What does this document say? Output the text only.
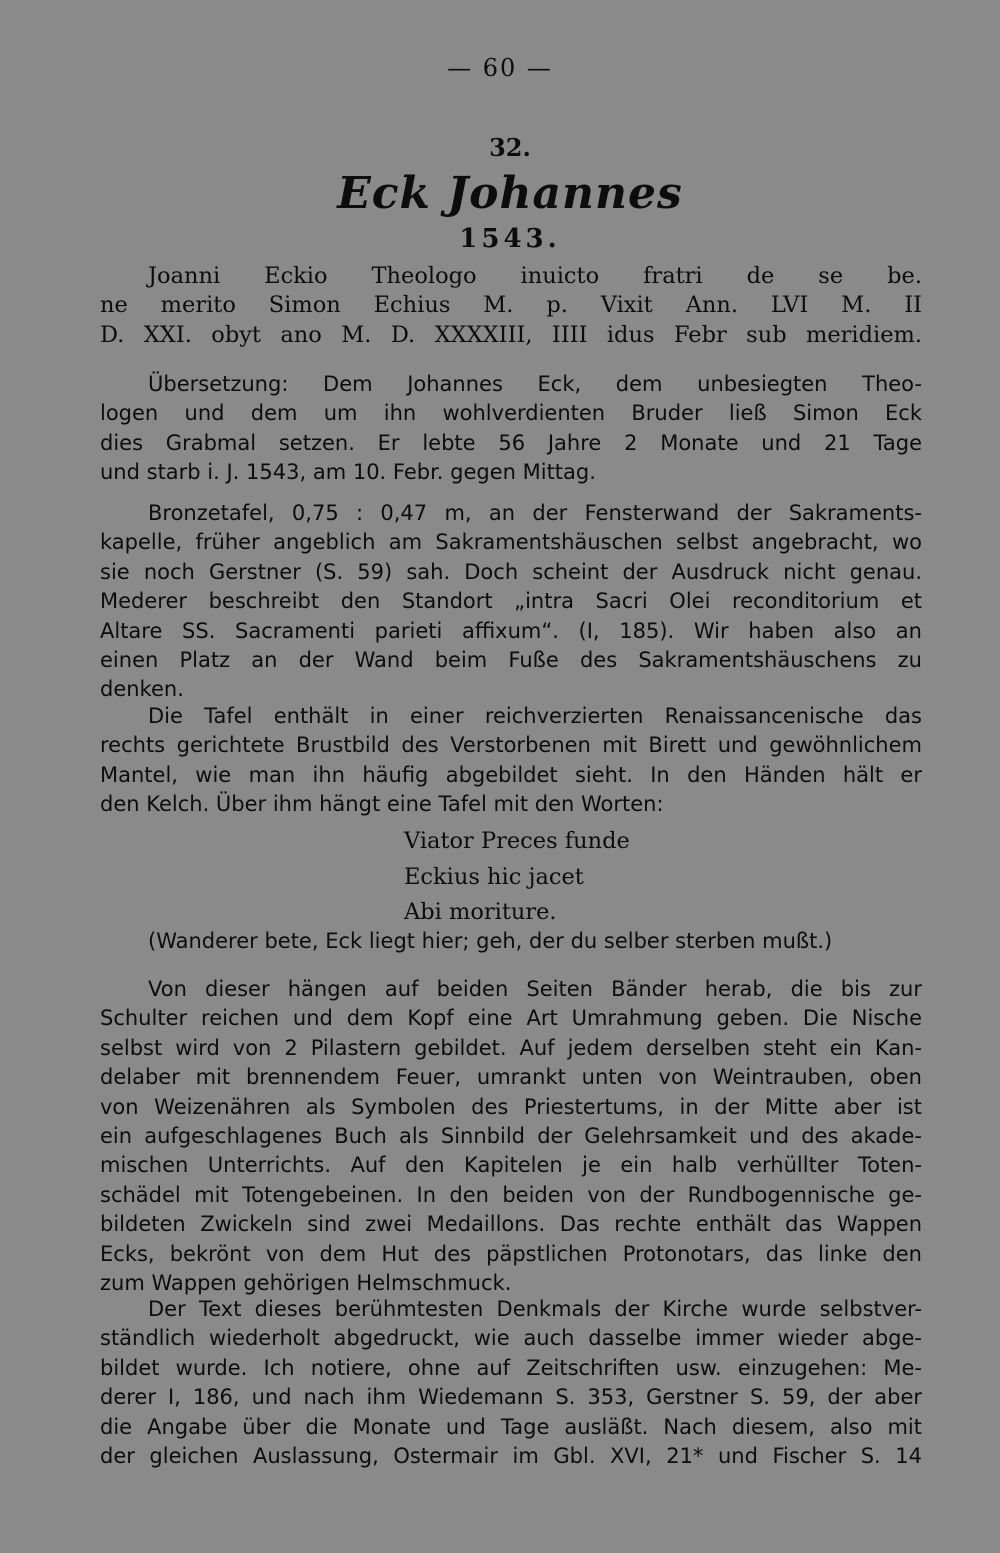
— 60 —
32.
Eck Johannes
1543.
Joanni Eckio Theologo inuicto fratri de se be.
ne merito Simon Echius M. p. Vixit Ann. LVI M. II
D. XXI. obyt ano M. D. XXXXIII, IIII idus Febr sub meridiem.
Übersetzung: Dem Johannes Eck, dem unbesiegten Theo-
logen und dem um ihn wohlverdienten Bruder ließ Simon Eck
dies Grabmal setzen. Er lebte 56 Jahre 2 Monate und 21 Tage
und starb i. J. 1543, am 10. Febr. gegen Mittag.
Bronzetafel, 0,75 : 0,47 m, an der Fensterwand der Sakraments-
kapelle, früher angeblich am Sakramentshäuschen selbst angebracht, wo
sie noch Gerstner (S. 59) sah. Doch scheint der Ausdruck nicht genau.
Mederer beschreibt den Standort „intra Sacri Olei reconditorium et
Altare SS. Sacramenti parieti affixum“. (I, 185). Wir haben also an
einen Platz an der Wand beim Fuße des Sakramentshäuschens zu
denken.
Die Tafel enthält in einer reichverzierten Renaissancenische das
rechts gerichtete Brustbild des Verstorbenen mit Birett und gewöhnlichem
Mantel, wie man ihn häufig abgebildet sieht. In den Händen hält er
den Kelch. Über ihm hängt eine Tafel mit den Worten:
Viator Preces funde
Eckius hic jacet
Abi moriture.
(Wanderer bete, Eck liegt hier; geh, der du selber sterben mußt.)
Von dieser hängen auf beiden Seiten Bänder herab, die bis zur
Schulter reichen und dem Kopf eine Art Umrahmung geben. Die Nische
selbst wird von 2 Pilastern gebildet. Auf jedem derselben steht ein Kan-
delaber mit brennendem Feuer, umrankt unten von Weintrauben, oben
von Weizenähren als Symbolen des Priestertums, in der Mitte aber ist
ein aufgeschlagenes Buch als Sinnbild der Gelehrsamkeit und des akade-
mischen Unterrichts. Auf den Kapitelen je ein halb verhüllter Toten-
schädel mit Totengebeinen. In den beiden von der Rundbogennische ge-
bildeten Zwickeln sind zwei Medaillons. Das rechte enthält das Wappen
Ecks, bekrönt von dem Hut des päpstlichen Protonotars, das linke den
zum Wappen gehörigen Helmschmuck.
Der Text dieses berühmtesten Denkmals der Kirche wurde selbstver-
ständlich wiederholt abgedruckt, wie auch dasselbe immer wieder abge-
bildet wurde. Ich notiere, ohne auf Zeitschriften usw. einzugehen: Me-
derer I, 186, und nach ihm Wiedemann S. 353, Gerstner S. 59, der aber
die Angabe über die Monate und Tage ausläßt. Nach diesem, also mit
der gleichen Auslassung, Ostermair im Gbl. XVI, 21* und Fischer S. 14
